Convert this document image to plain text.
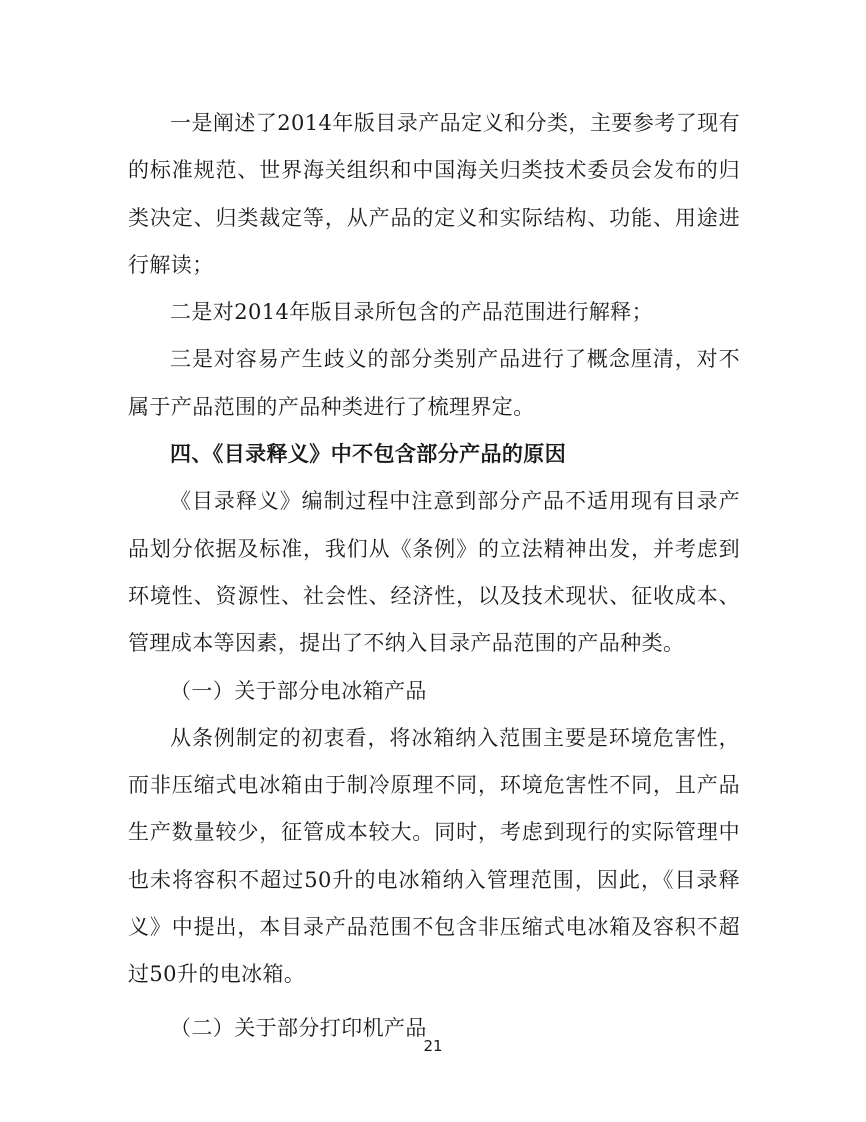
一是阐述了2014年版目录产品定义和分类，主要参考了现有的标准规范、世界海关组织和中国海关归类技术委员会发布的归类决定、归类裁定等，从产品的定义和实际结构、功能、用途进行解读；

二是对2014年版目录所包含的产品范围进行解释；

三是对容易产生歧义的部分类别产品进行了概念厘清，对不属于产品范围的产品种类进行了梳理界定。

四、《目录释义》中不包含部分产品的原因

《目录释义》编制过程中注意到部分产品不适用现有目录产品划分依据及标准，我们从《条例》的立法精神出发，并考虑到环境性、资源性、社会性、经济性，以及技术现状、征收成本、管理成本等因素，提出了不纳入目录产品范围的产品种类。

（一）关于部分电冰箱产品

从条例制定的初衷看，将冰箱纳入范围主要是环境危害性，而非压缩式电冰箱由于制冷原理不同，环境危害性不同，且产品生产数量较少，征管成本较大。同时，考虑到现行的实际管理中也未将容积不超过50升的电冰箱纳入管理范围，因此，《目录释义》中提出，本目录产品范围不包含非压缩式电冰箱及容积不超过50升的电冰箱。

（二）关于部分打印机产品

21
